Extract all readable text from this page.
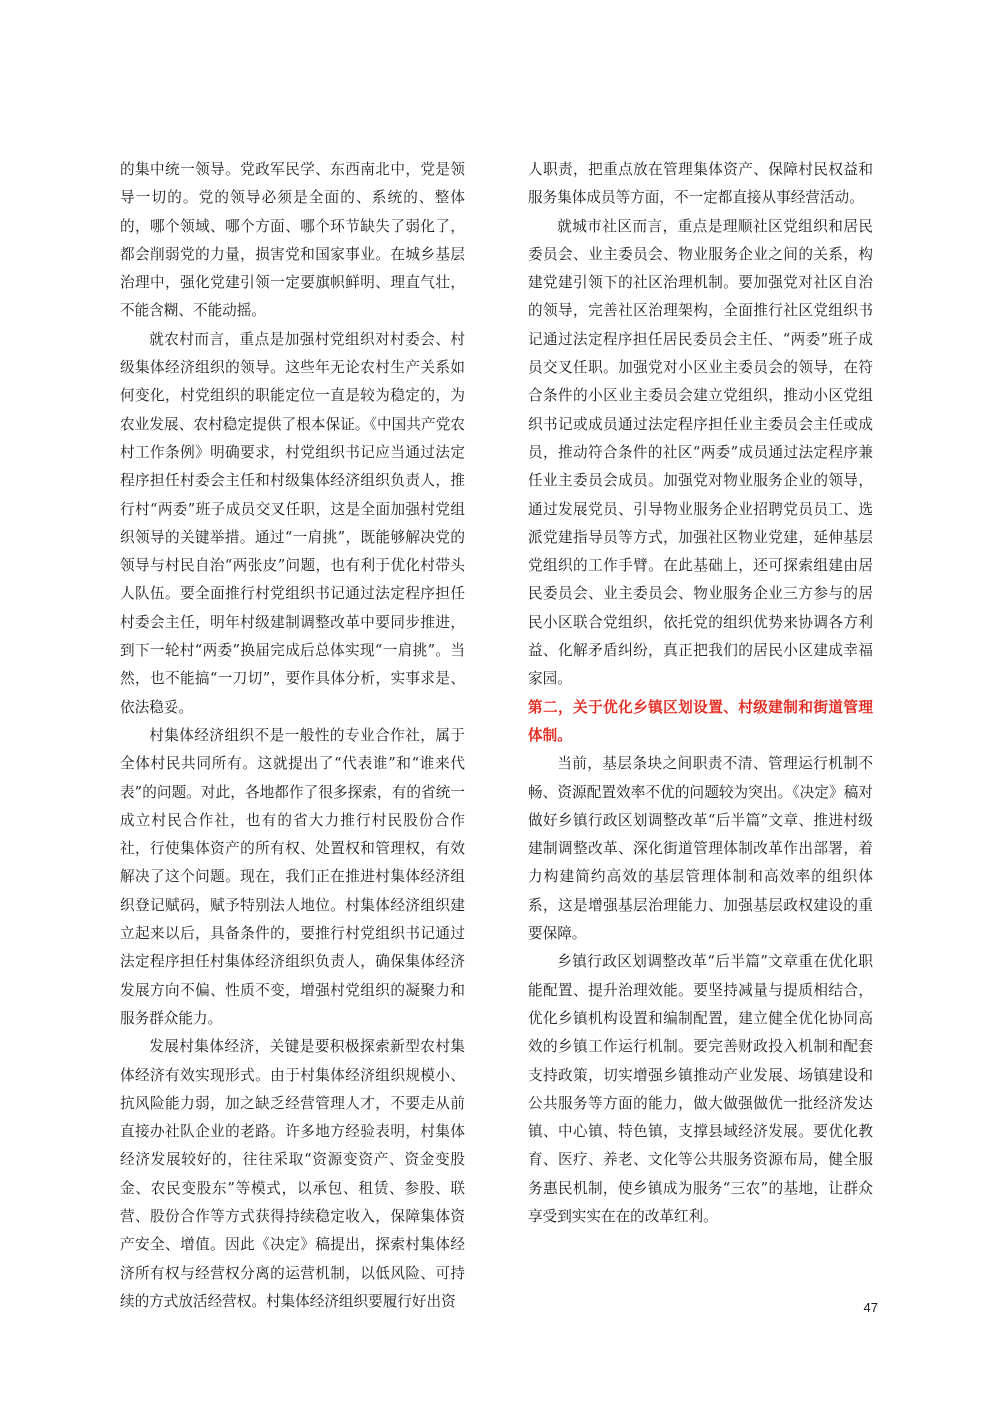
的集中统一领导。党政军民学、东西南北中，党是领导一切的。党的领导必须是全面的、系统的、整体的，哪个领域、哪个方面、哪个环节缺失了弱化了，都会削弱党的力量，损害党和国家事业。在城乡基层治理中，强化党建引领一定要旗帜鲜明、理直气壮，不能含糊、不能动摇。

就农村而言，重点是加强村党组织对村委会、村级集体经济组织的领导。这些年无论农村生产关系如何变化，村党组织的职能定位一直是较为稳定的，为农业发展、农村稳定提供了根本保证。《中国共产党农村工作条例》明确要求，村党组织书记应当通过法定程序担任村委会主任和村级集体经济组织负责人，推行村“两委”班子成员交叉任职，这是全面加强村党组织领导的关键举措。通过“一肩挑”，既能够解决党的领导与村民自治“两张皮”问题，也有利于优化村带头人队伍。要全面推行村党组织书记通过法定程序担任村委会主任，明年村级建制调整改革中要同步推进，到下一轮村“两委”换届完成后总体实现“一肩挑”。当然，也不能搞“一刀切”，要作具体分析，实事求是、依法稳妥。

村集体经济组织不是一般性的专业合作社，属于全体村民共同所有。这就提出了“代表谁”和“谁来代表”的问题。对此，各地都作了很多探索，有的省统一成立村民合作社，也有的省大力推行村民股份合作社，行使集体资产的所有权、处置权和管理权，有效解决了这个问题。现在，我们正在推进村集体经济组织登记赋码，赋予特别法人地位。村集体经济组织建立起来以后，具备条件的，要推行村党组织书记通过法定程序担任村集体经济组织负责人，确保集体经济发展方向不偏、性质不变，增强村党组织的凝聚力和服务群众能力。

发展村集体经济，关键是要积极探索新型农村集体经济有效实现形式。由于村集体经济组织规模小、抗风险能力弱，加之缺乏经营管理人才，不要走从前直接办社队企业的老路。许多地方经验表明，村集体经济发展较好的，往往采取“资源变资产、资金变股金、农民变股东”等模式，以承包、租赁、参股、联营、股份合作等方式获得持续稳定收入，保障集体资产安全、增值。因此《决定》稿提出，探索村集体经济所有权与经营权分离的运营机制，以低风险、可持续的方式放活经营权。村集体经济组织要履行好出资

人职责，把重点放在管理集体资产、保障村民权益和服务集体成员等方面，不一定都直接从事经营活动。

就城市社区而言，重点是理顺社区党组织和居民委员会、业主委员会、物业服务企业之间的关系，构建党建引领下的社区治理机制。要加强党对社区自治的领导，完善社区治理架构，全面推行社区党组织书记通过法定程序担任居民委员会主任、“两委”班子成员交叉任职。加强党对小区业主委员会的领导，在符合条件的小区业主委员会建立党组织，推动小区党组织书记或成员通过法定程序担任业主委员会主任或成员，推动符合条件的社区“两委”成员通过法定程序兼任业主委员会成员。加强党对物业服务企业的领导，通过发展党员、引导物业服务企业招聘党员员工、选派党建指导员等方式，加强社区物业党建，延伸基层党组织的工作手臂。在此基础上，还可探索组建由居民委员会、业主委员会、物业服务企业三方参与的居民小区联合党组织，依托党的组织优势来协调各方利益、化解矛盾纠纷，真正把我们的居民小区建成幸福家园。

第二，关于优化乡镇区划设置、村级建制和街道管理体制。

当前，基层条块之间职责不清、管理运行机制不畅、资源配置效率不优的问题较为突出。《决定》稿对做好乡镇行政区划调整改革“后半篇”文章、推进村级建制调整改革、深化街道管理体制改革作出部署，着力构建简约高效的基层管理体制和高效率的组织体系，这是增强基层治理能力、加强基层政权建设的重要保障。

乡镇行政区划调整改革“后半篇”文章重在优化职能配置、提升治理效能。要坚持减量与提质相结合，优化乡镇机构设置和编制配置，建立健全优化协同高效的乡镇工作运行机制。要完善财政投入机制和配套支持政策，切实增强乡镇推动产业发展、场镇建设和公共服务等方面的能力，做大做强做优一批经济发达镇、中心镇、特色镇，支撑县域经济发展。要优化教育、医疗、养老、文化等公共服务资源布局，健全服务惠民机制，使乡镇成为服务“三农”的基地，让群众享受到实实在在的改革红利。

47
